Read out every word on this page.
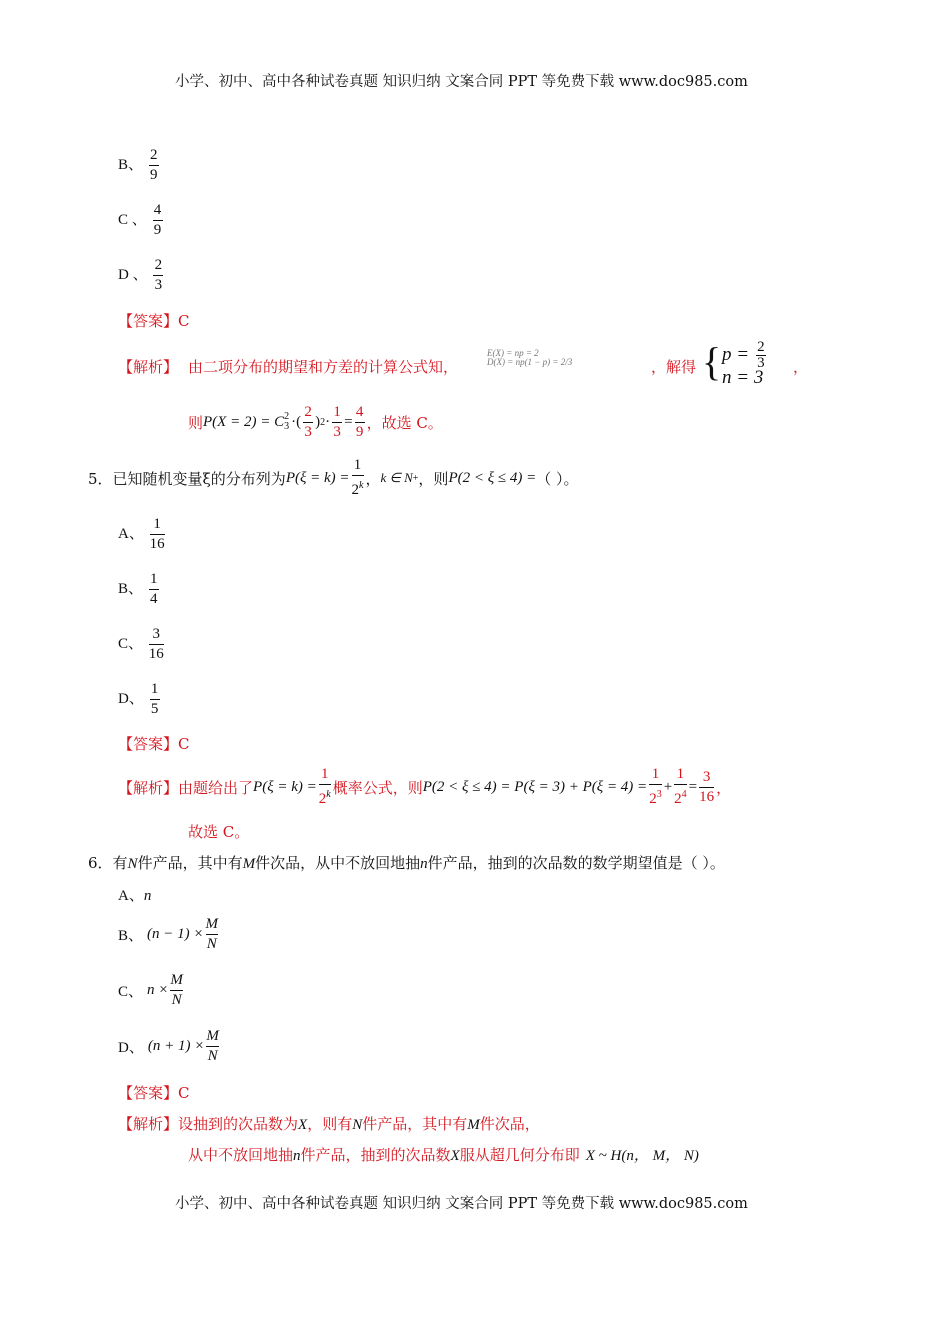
小学、初中、高中各种试卷真题 知识归纳 文案合同 PPT 等免费下载 www.doc985.com
B、 $\frac{2}{9}$
C 、 $\frac{4}{9}$
D 、 $\frac{2}{3}$
【答案】C
【解析】 由二项分布的期望和方差的计算公式知，
E(X) = np = 2
D(X) = np(1 − p) = 2/3	，解得 { $p = \frac{2}{3}$
n = 3 ，
则 P(X = 2) = C 2
3 ·( $\frac{2}{3}$ ) $2 \cdot \frac{1}{3} = \frac{4}{9}$ ，故选 C。
5．已知随机变量ξ的分布列为 $P(\xi = k) = \frac{1}{2^k}$ ， k ∈ N + ，则 P(2 < ξ ≤ 4) = （ ）。
A、 $\frac{1}{16}$
B、 $\frac{1}{4}$
C、 $\frac{3}{16}$
D、 $\frac{1}{5}$
【答案】C
【解析】 由题给出了 $P(\xi = k) = \frac{1}{2^k}$ 概率公式，则 $P(2 < \xi \le 4) = P(\xi = 3) + P(\xi = 4) = \frac{1}{2^3} + \frac{1}{2^4} = \frac{3}{16}$ ，
故选 C。
6．有N件产品，其中有M件次品，从中不放回地抽n件产品，抽到的次品数的数学期望值是（ ）。
A、n
B、 $(n - 1) \times \frac{M}{N}$
C、 $n \times \frac{M}{N}$
D、 $(n + 1) \times \frac{M}{N}$
【答案】C
【解析】设抽到的次品数为X，则有N件产品，其中有M件次品，
从中不放回地抽n件产品，抽到的次品数X服从超几何分布即 X ~ H(n， M， N)
小学、初中、高中各种试卷真题 知识归纳 文案合同 PPT 等免费下载 www.doc985.com
